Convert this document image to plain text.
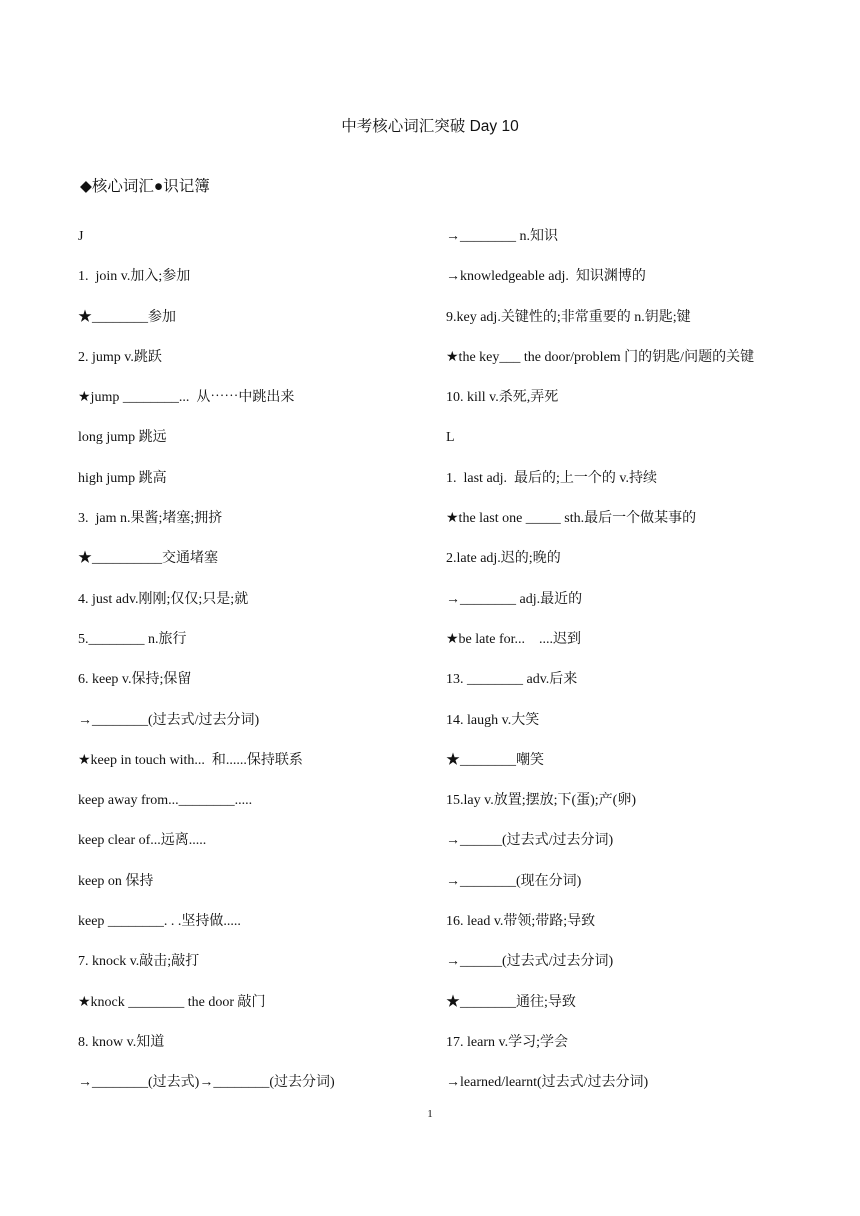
中考核心词汇突破 Day 10
◆核心词汇●识记簿
J
1.  join v.加入;参加
★________参加
2. jump v.跳跃
★jump ________...  从⋯⋯中跳出来
long jump 跳远
high jump 跳高
3.  jam n.果酱;堵塞;拥挤
★__________交通堵塞
4. just adv.刚刚;仅仅;只是;就
5.________ n.旅行
6. keep v.保持;保留
→________(过去式/过去分词)
★keep in touch with...  和......保持联系
keep away from...________.....
keep clear of...远离.....
keep on 保持
keep ________. . .坚持做.....
7. knock v.敲击;敲打
★knock ________ the door 敲门
8. know v.知道
→________(过去式)→________(过去分词)
→________ n.知识
→knowledgeable adj.  知识渊博的
9.key adj.关键性的;非常重要的 n.钥匙;键
★the key___ the door/problem 门的钥匙/问题的关键
10. kill v.杀死,弄死
L
1.  last adj.  最后的;上一个的 v.持续
★the last one _____ sth.最后一个做某事的
2.late adj.迟的;晚的
→________ adj.最近的
★be late for...    ....迟到
13. ________ adv.后来
14. laugh v.大笑
★________嘲笑
15.lay v.放置;摆放;下(蛋);产(卵)
→______(过去式/过去分词)
→________(现在分词)
16. lead v.带领;带路;导致
→______(过去式/过去分词)
★________通往;导致
17. learn v.学习;学会
→learned/learnt(过去式/过去分词)
1
